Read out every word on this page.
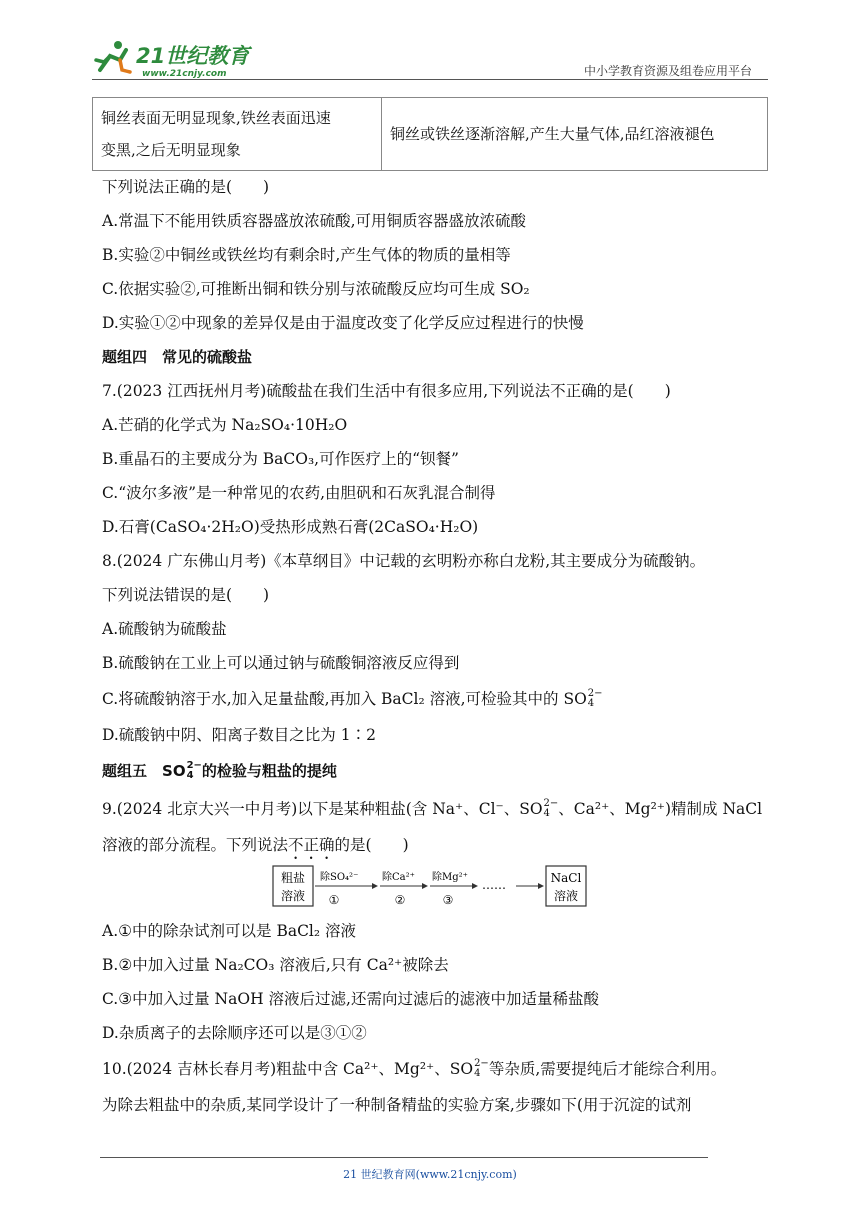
21世纪教育
www.21cnjy.com	中小学教育资源及组卷应用平台
铜丝表面无明显现象,铁丝表面迅速
变黑,之后无明显现象
	铜丝或铁丝逐渐溶解,产生大量气体,品红溶液褪色
下列说法正确的是(　　)
A.常温下不能用铁质容器盛放浓硫酸,可用铜质容器盛放浓硫酸
B.实验②中铜丝或铁丝均有剩余时,产生气体的物质的量相等
C.依据实验②,可推断出铜和铁分别与浓硫酸反应均可生成 SO₂
D.实验①②中现象的差异仅是由于温度改变了化学反应过程进行的快慢
题组四　常见的硫酸盐
7.(2023 江西抚州月考)硫酸盐在我们生活中有很多应用,下列说法不正确的是(　　)
A.芒硝的化学式为 Na₂SO₄·10H₂O
B.重晶石的主要成分为 BaCO₃,可作医疗上的“钡餐”
C.“波尔多液”是一种常见的农药,由胆矾和石灰乳混合制得
D.石膏(CaSO₄·2H₂O)受热形成熟石膏(2CaSO₄·H₂O)
8.(2024 广东佛山月考)《本草纲目》中记载的玄明粉亦称白龙粉,其主要成分为硫酸钠。
下列说法错误的是(　　)
A.硫酸钠为硫酸盐
B.硫酸钠在工业上可以通过钠与硫酸铜溶液反应得到
C.将硫酸钠溶于水,加入足量盐酸,再加入 BaCl₂ 溶液,可检验其中的 SO 2−
4
D.硫酸钠中阴、阳离子数目之比为 1∶2
题组五　 SO 2−
4 的检验与粗盐的提纯
9.(2024 北京大兴一中月考)以下是某种粗盐(含 Na⁺、Cl⁻、 SO 2−
4 、Ca²⁺、Mg²⁺)精制成 NaCl
溶液的部分流程。下列说法不正确的是(　　)
粗盐
溶液
除SO₄²⁻
①
除Ca²⁺
②
除Mg²⁺
③
……	NaCl
溶液
A.①中的除杂试剂可以是 BaCl₂ 溶液
B.②中加入过量 Na₂CO₃ 溶液后,只有 Ca²⁺被除去
C.③中加入过量 NaOH 溶液后过滤,还需向过滤后的滤液中加适量稀盐酸
D.杂质离子的去除顺序还可以是③①②
10.(2024 吉林长春月考)粗盐中含 Ca²⁺、Mg²⁺、 SO 2−
4 等杂质,需要提纯后才能综合利用。
为除去粗盐中的杂质,某同学设计了一种制备精盐的实验方案,步骤如下(用于沉淀的试剂
21 世纪教育网(www.21cnjy.com)
